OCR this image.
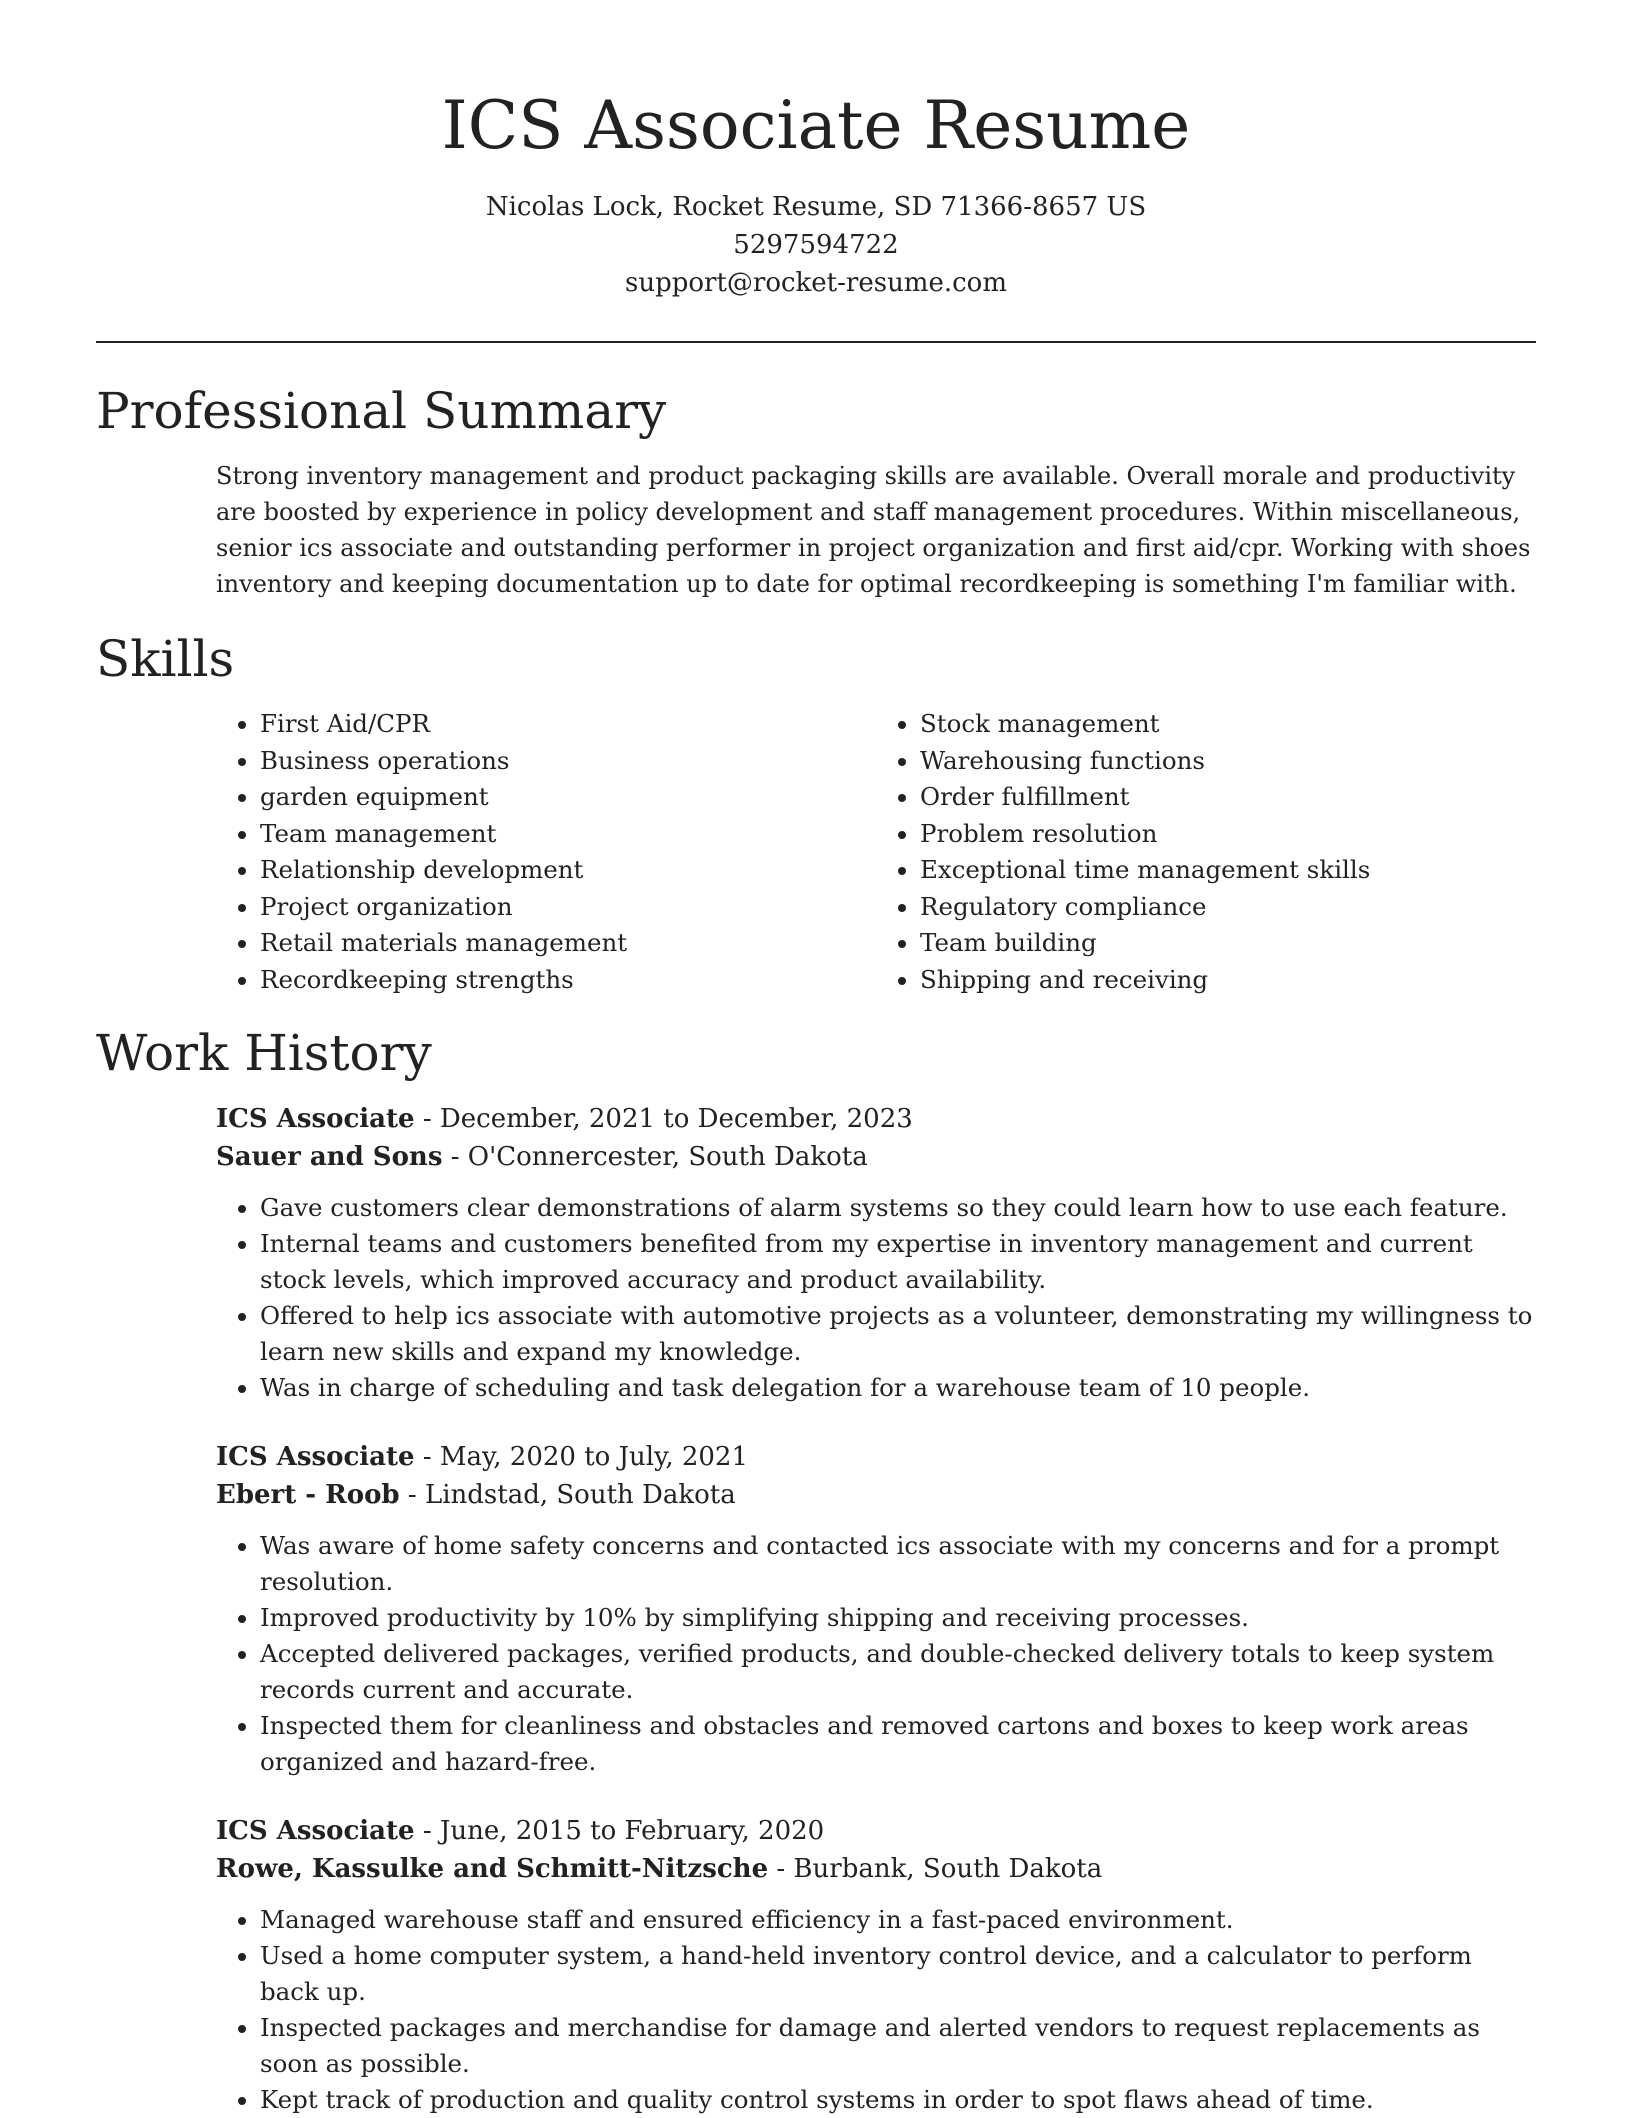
ICS Associate Resume

Nicolas Lock, Rocket Resume, SD 71366-8657 US

5297594722

support@rocket-resume.com

Professional Summary

Strong inventory management and product packaging skills are available. Overall morale and productivity are boosted by experience in policy development and staff management procedures. Within miscellaneous, senior ics associate and outstanding performer in project organization and first aid/cpr. Working with shoes inventory and keeping documentation up to date for optimal recordkeeping is something I'm familiar with.

Skills
• First Aid/CPR
• Business operations
• garden equipment
• Team management
• Relationship development
• Project organization
• Retail materials management
• Recordkeeping strengths
• Stock management
• Warehousing functions
• Order fulfillment
• Problem resolution
• Exceptional time management skills
• Regulatory compliance
• Team building
• Shipping and receiving
Work History

ICS Associate - December, 2021 to December, 2023

Sauer and Sons - O'Connercester, South Dakota

• Gave customers clear demonstrations of alarm systems so they could learn how to use each feature.
• Internal teams and customers benefited from my expertise in inventory management and current stock levels, which improved accuracy and product availability.
• Offered to help ics associate with automotive projects as a volunteer, demonstrating my willingness to learn new skills and expand my knowledge.
• Was in charge of scheduling and task delegation for a warehouse team of 10 people.

ICS Associate - May, 2020 to July, 2021

Ebert - Roob - Lindstad, South Dakota

• Was aware of home safety concerns and contacted ics associate with my concerns and for a prompt resolution.
• Improved productivity by 10% by simplifying shipping and receiving processes.
• Accepted delivered packages, verified products, and double-checked delivery totals to keep system records current and accurate.
• Inspected them for cleanliness and obstacles and removed cartons and boxes to keep work areas organized and hazard-free.

ICS Associate - June, 2015 to February, 2020

Rowe, Kassulke and Schmitt-Nitzsche - Burbank, South Dakota

• Managed warehouse staff and ensured efficiency in a fast-paced environment.
• Used a home computer system, a hand-held inventory control device, and a calculator to perform back up.
• Inspected packages and merchandise for damage and alerted vendors to request replacements as soon as possible.
• Kept track of production and quality control systems in order to spot flaws ahead of time.
